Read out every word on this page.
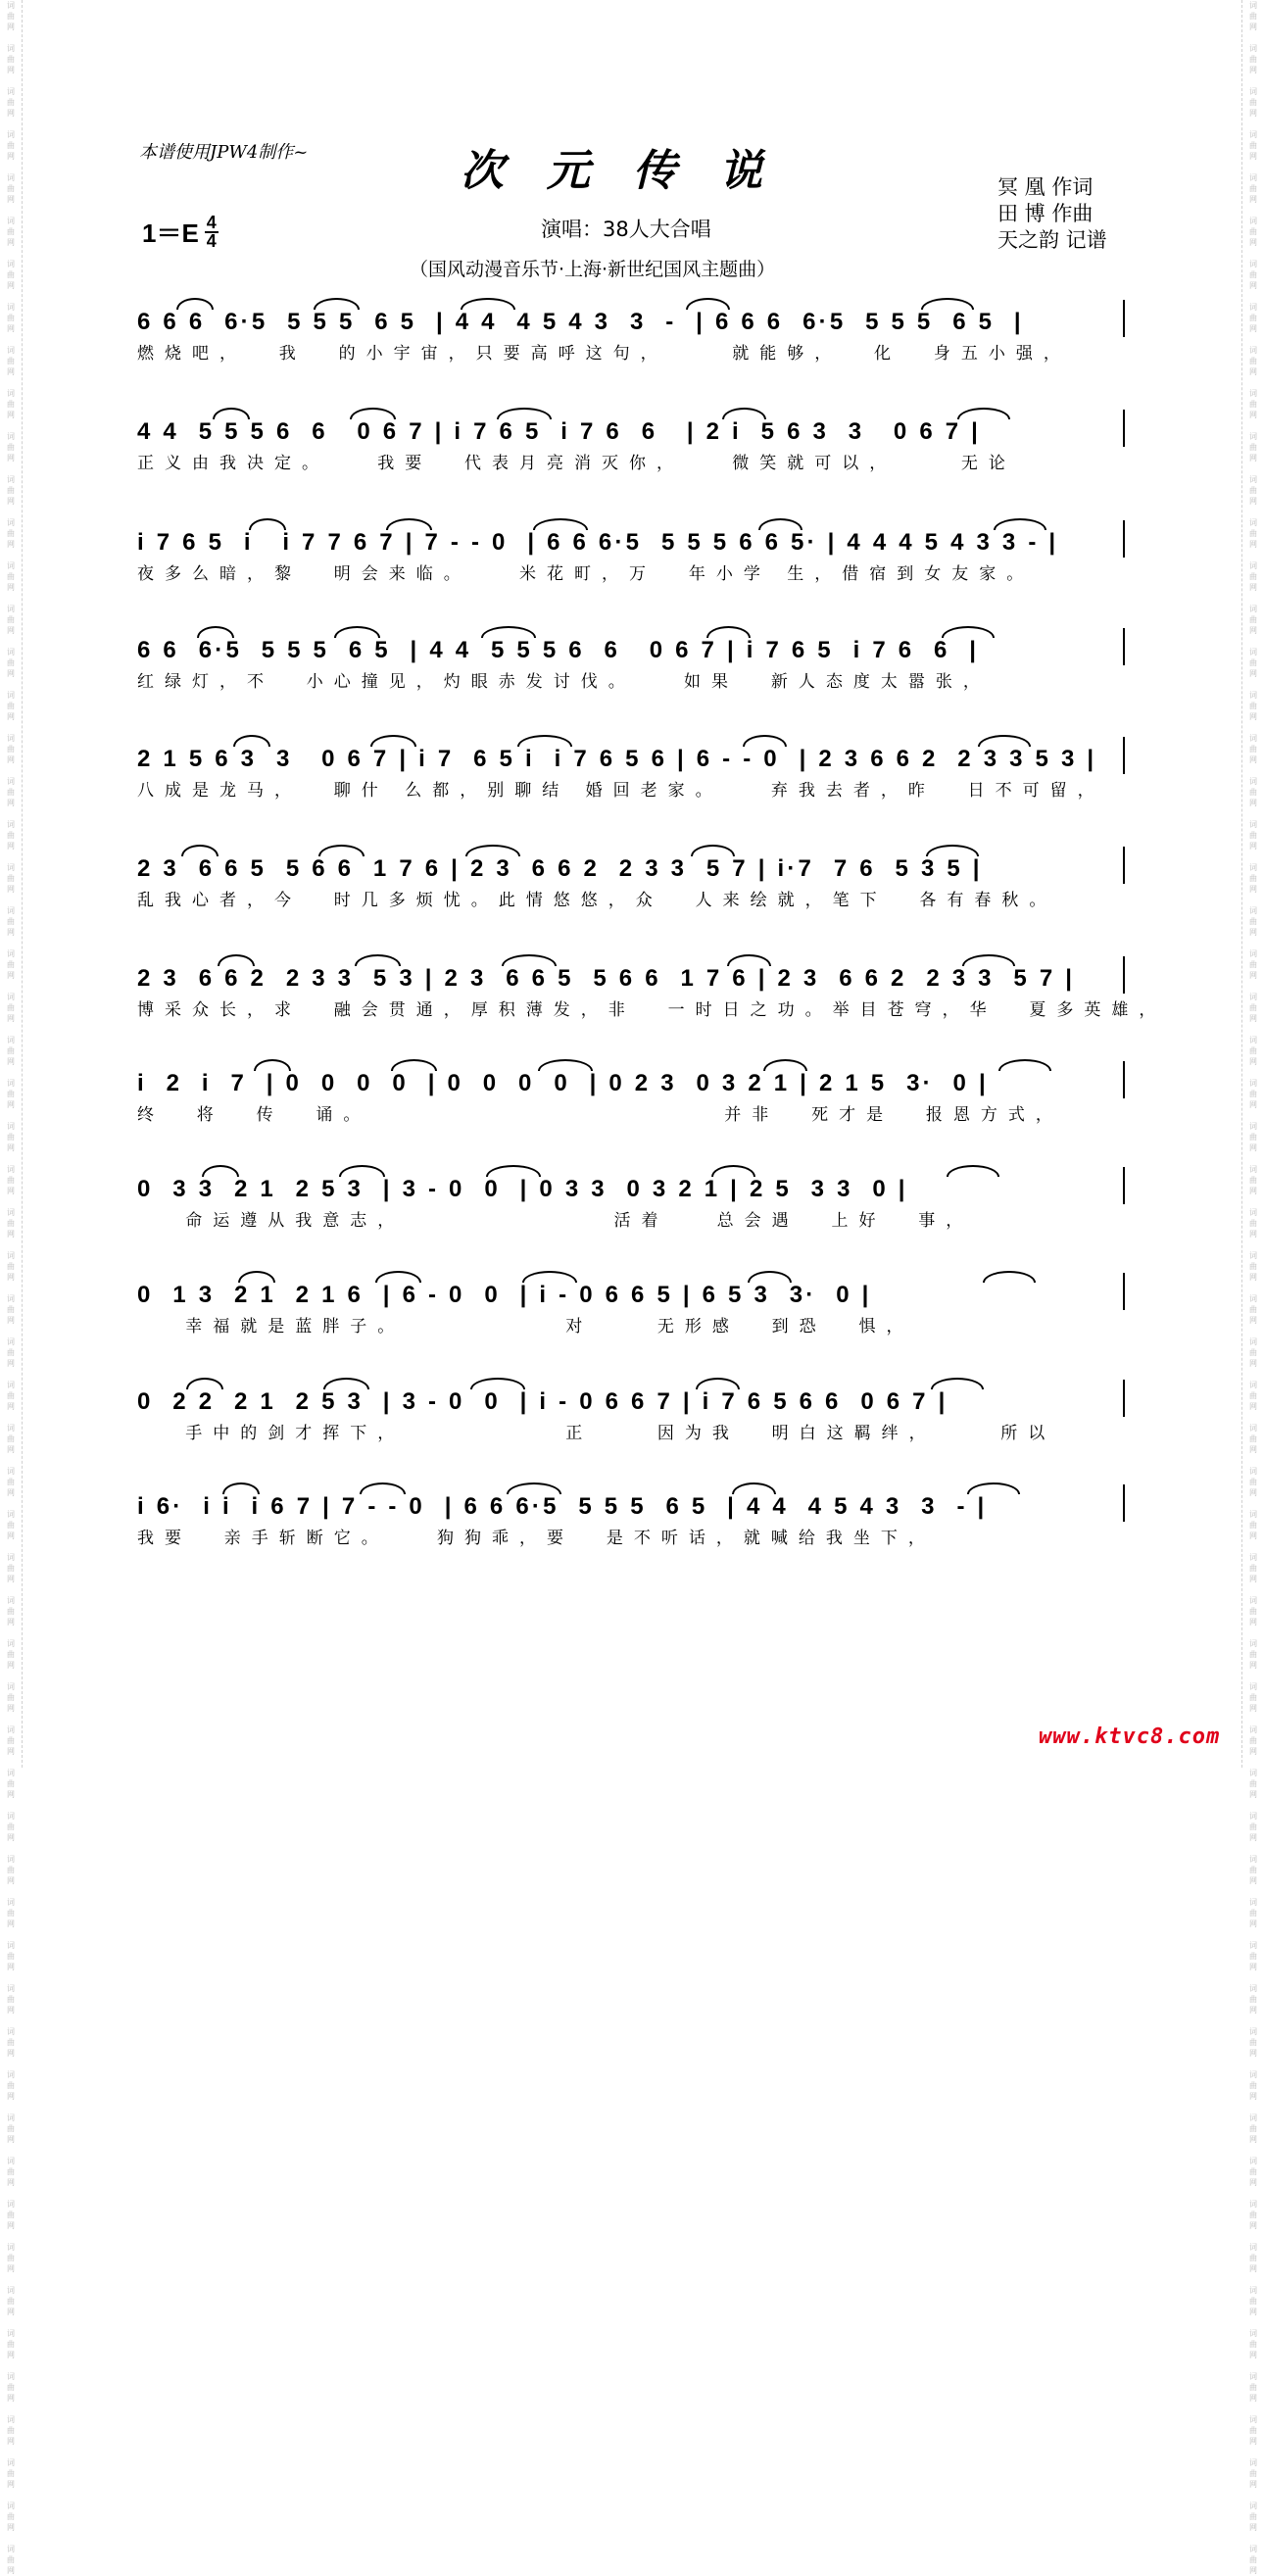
词
曲
网

词
曲
网

词
曲
网

词
曲
网

词
曲
网

词
曲
网

词
曲
网

词
曲
网

词
曲
网

词
曲
网

词
曲
网

词
曲
网

词
曲
网

词
曲
网

词
曲
网

词
曲
网

词
曲
网

词
曲
网

词
曲
网

词
曲
网

词
曲
网

词
曲
网

词
曲
网

词
曲
网

词
曲
网

词
曲
网

词
曲
网

词
曲
网

词
曲
网

词
曲
网

词
曲
网

词
曲
网

词
曲
网

词
曲
网

词
曲
网

词
曲
网

词
曲
网

词
曲
网

词
曲
网

词
曲
网

词
曲
网

词
曲
网

词
曲
网

词
曲
网

词
曲
网

词
曲
网

词
曲
网

词
曲
网

词
曲
网

词
曲
网

词
曲
网

词
曲
网

词
曲
网

词
曲
网

词
曲
网

词
曲
网

词
曲
网

词
曲
网

词
曲
网

词
曲
网

词
曲
网

词
曲
网

词
曲
网

词
曲
网

词
曲
网

词
曲
网

词
曲
网

词
曲
网

词
曲
网

词
曲
网

词
曲
网

词
曲
网

词
曲
网

词
曲
网

词
曲
网

词
曲
网

词
曲
网

词
曲
网

词
曲
网

词
曲
网

词
曲
网

词
曲
网

词
曲
网

词
曲
网

词
曲
网

词
曲
网

词
曲
网

词
曲
网

词
曲
网

词
曲
网

词
曲
网

词
曲
网

词
曲
网

词
曲
网

词
曲
网

词
曲
网

词
曲
网

词
曲
网

词
曲
网

词
曲
网

词
曲
网

词
曲
网

词
曲
网

词
曲
网

词
曲
网

词
曲
网

词
曲
网

词
曲
网

词
曲
网

词
曲
网

词
曲
网

词
曲
网

词
曲
网

词
曲
网

词
曲
网

词
曲
网

词
曲
网

词
曲
网

词
曲
网

词
曲
网

本谱使用JPW4制作~	次元传说	冥 凰 作词
田 博 作曲
天之韵 记谱
1＝E 4
4	演唱：38人大合唱
（国风动漫音乐节·上海·新世纪国风主题曲）
6 6 6  6·5  5 5 5  6 5  | 4 4  4 5 4 3  3  -  | 6 6 6  6·5  5 5 5  6 5  |
燃烧吧，  我  的小宇宙，只要高呼这句，    就能够，  化  身五小强，
4 4  5 5 5 6  6   0 6 7 | i 7 6 5  i 7 6  6   | 2 i  5 6 3  3   0 6 7 |
正义由我决定。   我要  代表月亮消灭你，   微笑就可以，    无论
i 7 6 5  i   i 7 7 6 7 | 7 - - 0  | 6 6 6·5  5 5 5 6 6 5· | 4 4 4 5 4 3 3 - |
夜多么暗，黎  明会来临。   米花町，万  年小学 生，借宿到女友家。
6 6  6·5  5 5 5  6 5  | 4 4  5 5 5 6  6   0 6 7 | i 7 6 5  i 7 6  6  |
红绿灯，不  小心撞见，灼眼赤发讨伐。   如果  新人态度太嚣张，
2 1 5 6 3  3   0 6 7 | i 7  6 5 i  i 7 6 5 6 | 6 - - 0  | 2 3 6 6 2  2 3 3 5 3 |
八成是龙马，  聊什 么都，别聊结 婚回老家。   弃我去者，昨  日不可留，
2 3  6 6 5  5 6 6  1 7 6 | 2 3  6 6 2  2 3 3  5 7 | i·7  7 6  5 3 5 |
乱我心者，今  时几多烦忧。此情悠悠，众  人来绘就，笔下  各有春秋。
2 3  6 6 2  2 3 3  5 3 | 2 3  6 6 5  5 6 6  1 7 6 | 2 3  6 6 2  2 3 3  5 7 |
博采众长，求  融会贯通，厚积薄发，非  一时日之功。举目苍穹，华  夏多英雄，
i  2  i  7  | 0  0  0  0  | 0  0  0  0  | 0 2 3  0 3 2 1 | 2 1 5  3·  0 |
终  将  传  诵。                      并非  死才是  报恩方式，
0  3 3  2 1  2 5 3  | 3 - 0  0  | 0 3 3  0 3 2 1 | 2 5  3 3  0 |
命运遵从我意志，             活着   总会遇  上好  事，
0  1 3  2 1  2 1 6  | 6 - 0  0  | i - 0 6 6 5 | 6 5 3  3·  0 |
幸福就是蓝胖子。          对    无形感  到恐  惧，
0  2 2  2 1  2 5 3  | 3 - 0  0  | i - 0 6 6 7 | i 7 6 5 6 6  0 6 7 |
手中的剑才挥下，          正    因为我  明白这羁绊，    所以
i 6·  i i  i 6 7 | 7 - - 0  | 6 6 6·5  5 5 5  6 5  | 4 4  4 5 4 3  3  - |
我要  亲手斩断它。   狗狗乖，要  是不听话，就喊给我坐下，
www.ktvc8.com
